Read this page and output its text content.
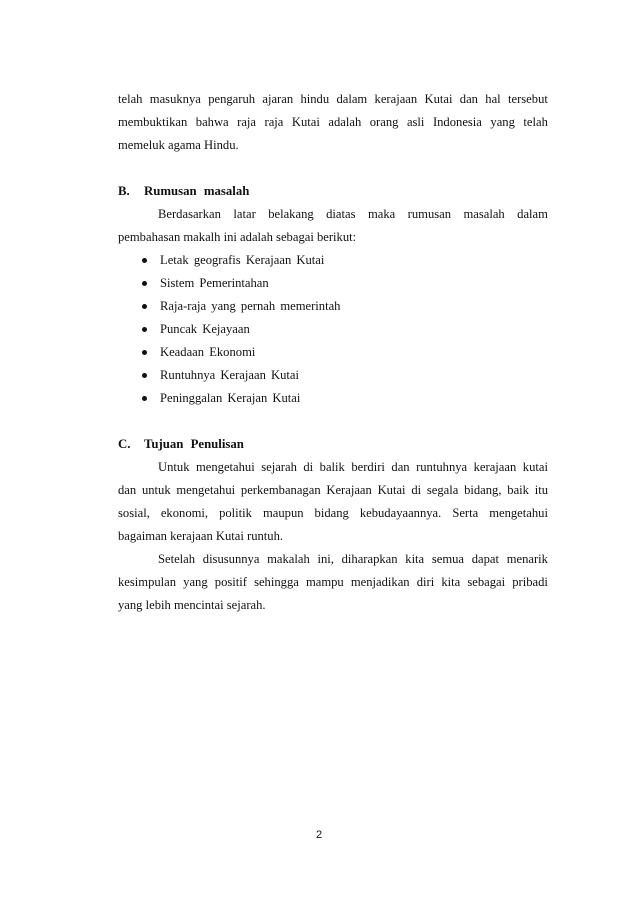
telah masuknya pengaruh ajaran hindu dalam kerajaan Kutai dan hal tersebut
membuktikan bahwa raja raja Kutai adalah orang asli Indonesia yang telah
memeluk agama Hindu.
B. Rumusan masalah
Berdasarkan latar belakang diatas maka rumusan masalah dalam
pembahasan makalh ini adalah sebagai berikut:
Letak geografis Kerajaan Kutai
Sistem Pemerintahan
Raja-raja yang pernah memerintah
Puncak Kejayaan
Keadaan Ekonomi
Runtuhnya Kerajaan Kutai
Peninggalan Kerajan Kutai
C. Tujuan Penulisan
Untuk mengetahui sejarah di balik berdiri dan runtuhnya kerajaan kutai
dan untuk mengetahui perkembanagan Kerajaan Kutai di segala bidang, baik itu
sosial, ekonomi, politik maupun bidang kebudayaannya. Serta mengetahui
bagaiman kerajaan Kutai runtuh.
Setelah disusunnya makalah ini, diharapkan kita semua dapat menarik
kesimpulan yang positif sehingga mampu menjadikan diri kita sebagai pribadi
yang lebih mencintai sejarah.
2
